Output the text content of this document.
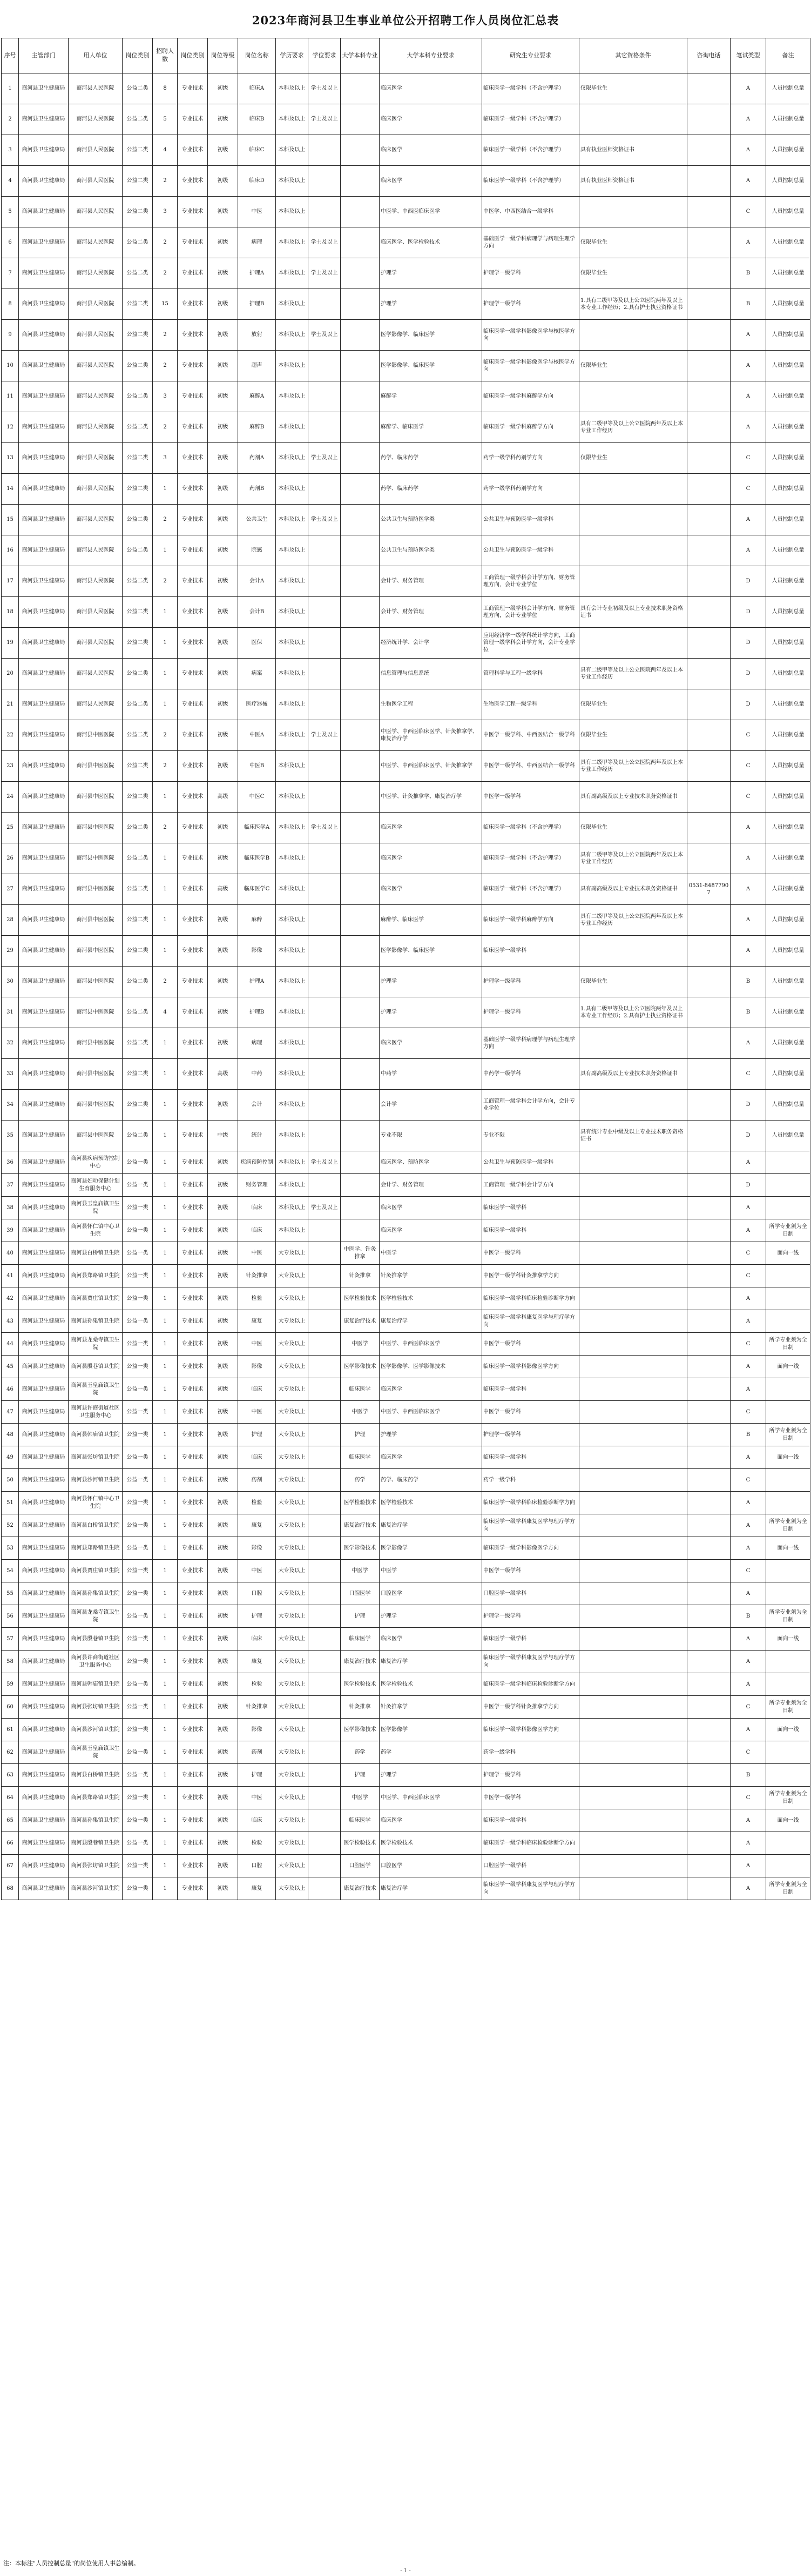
2023年商河县卫生事业单位公开招聘工作人员岗位汇总表
序号	主管部门	用人单位	岗位类别	招聘人数	岗位类别	岗位等级	岗位名称	学历要求	学位要求	大学本科专业	大学本科专业要求	研究生专业要求	其它资格条件	咨询电话	笔试类型	备注
1	商河县卫生健康局	商河县人民医院	公益二类	8	专业技术	初级	临床A	本科及以上	学士及以上		临床医学	临床医学一级学科（不含护理学）	仅限毕业生		A	人员控制总量
2	商河县卫生健康局	商河县人民医院	公益二类	5	专业技术	初级	临床B	本科及以上	学士及以上		临床医学	临床医学一级学科（不含护理学）			A	人员控制总量
3	商河县卫生健康局	商河县人民医院	公益二类	4	专业技术	初级	临床C	本科及以上			临床医学	临床医学一级学科（不含护理学）	具有执业医师资格证书		A	人员控制总量
4	商河县卫生健康局	商河县人民医院	公益二类	2	专业技术	初级	临床D	本科及以上			临床医学	临床医学一级学科（不含护理学）	具有执业医师资格证书		A	人员控制总量
5	商河县卫生健康局	商河县人民医院	公益二类	3	专业技术	初级	中医	本科及以上			中医学、中西医临床医学	中医学、中西医结合一级学科			C	人员控制总量
6	商河县卫生健康局	商河县人民医院	公益二类	2	专业技术	初级	病理	本科及以上	学士及以上		临床医学、医学检验技术	基础医学一级学科病理学与病理生理学方向	仅限毕业生		A	人员控制总量
7	商河县卫生健康局	商河县人民医院	公益二类	2	专业技术	初级	护理A	本科及以上	学士及以上		护理学	护理学一级学科	仅限毕业生		B	人员控制总量
8	商河县卫生健康局	商河县人民医院	公益二类	15	专业技术	初级	护理B	本科及以上			护理学	护理学一级学科	1.具有二级甲等及以上公立医院两年及以上本专业工作经历；2.具有护士执业资格证书		B	人员控制总量
9	商河县卫生健康局	商河县人民医院	公益二类	2	专业技术	初级	放射	本科及以上	学士及以上		医学影像学、临床医学	临床医学一级学科影像医学与核医学方向			A	人员控制总量
10	商河县卫生健康局	商河县人民医院	公益二类	2	专业技术	初级	超声	本科及以上			医学影像学、临床医学	临床医学一级学科影像医学与核医学方向	仅限毕业生		A	人员控制总量
11	商河县卫生健康局	商河县人民医院	公益二类	3	专业技术	初级	麻醉A	本科及以上			麻醉学	临床医学一级学科麻醉学方向			A	人员控制总量
12	商河县卫生健康局	商河县人民医院	公益二类	2	专业技术	初级	麻醉B	本科及以上			麻醉学、临床医学	临床医学一级学科麻醉学方向	具有二级甲等及以上公立医院两年及以上本专业工作经历		A	人员控制总量
13	商河县卫生健康局	商河县人民医院	公益二类	3	专业技术	初级	药剂A	本科及以上	学士及以上		药学、临床药学	药学一级学科药剂学方向	仅限毕业生		C	人员控制总量
14	商河县卫生健康局	商河县人民医院	公益二类	1	专业技术	初级	药剂B	本科及以上			药学、临床药学	药学一级学科药剂学方向			C	人员控制总量
15	商河县卫生健康局	商河县人民医院	公益二类	2	专业技术	初级	公共卫生	本科及以上	学士及以上		公共卫生与预防医学类	公共卫生与预防医学一级学科			A	人员控制总量
16	商河县卫生健康局	商河县人民医院	公益二类	1	专业技术	初级	院感	本科及以上			公共卫生与预防医学类	公共卫生与预防医学一级学科			A	人员控制总量
17	商河县卫生健康局	商河县人民医院	公益二类	2	专业技术	初级	会计A	本科及以上			会计学、财务管理	工商管理一级学科会计学方向、财务管理方向，会计专业学位			D	人员控制总量
18	商河县卫生健康局	商河县人民医院	公益二类	1	专业技术	初级	会计B	本科及以上			会计学、财务管理	工商管理一级学科会计学方向、财务管理方向，会计专业学位	具有会计专业初级及以上专业技术职务资格证书		D	人员控制总量
19	商河县卫生健康局	商河县人民医院	公益二类	1	专业技术	初级	医保	本科及以上			经济统计学、会计学	应用经济学一级学科统计学方向，工商管理一级学科会计学方向，会计专业学位			D	人员控制总量
20	商河县卫生健康局	商河县人民医院	公益二类	1	专业技术	初级	病案	本科及以上			信息管理与信息系统	管理科学与工程一级学科	具有二级甲等及以上公立医院两年及以上本专业工作经历		D	人员控制总量
21	商河县卫生健康局	商河县人民医院	公益二类	1	专业技术	初级	医疗器械	本科及以上			生物医学工程	生物医学工程一级学科	仅限毕业生		D	人员控制总量
22	商河县卫生健康局	商河县中医医院	公益二类	2	专业技术	初级	中医A	本科及以上	学士及以上		中医学、中西医临床医学、针灸推拿学、康复治疗学	中医学一级学科、中西医结合一级学科	仅限毕业生		C	人员控制总量
23	商河县卫生健康局	商河县中医医院	公益二类	2	专业技术	初级	中医B	本科及以上			中医学、中西医临床医学、针灸推拿学	中医学一级学科、中西医结合一级学科	具有二级甲等及以上公立医院两年及以上本专业工作经历		C	人员控制总量
24	商河县卫生健康局	商河县中医医院	公益二类	1	专业技术	高级	中医C	本科及以上			中医学、针灸推拿学、康复治疗学	中医学一级学科	具有副高级及以上专业技术职务资格证书		C	人员控制总量
25	商河县卫生健康局	商河县中医医院	公益二类	2	专业技术	初级	临床医学A	本科及以上	学士及以上		临床医学	临床医学一级学科（不含护理学）	仅限毕业生		A	人员控制总量
26	商河县卫生健康局	商河县中医医院	公益二类	1	专业技术	初级	临床医学B	本科及以上			临床医学	临床医学一级学科（不含护理学）	具有二级甲等及以上公立医院两年及以上本专业工作经历		A	人员控制总量
27	商河县卫生健康局	商河县中医医院	公益二类	1	专业技术	高级	临床医学C	本科及以上			临床医学	临床医学一级学科（不含护理学）	具有副高级及以上专业技术职务资格证书	0531-84877907	A	人员控制总量
28	商河县卫生健康局	商河县中医医院	公益二类	1	专业技术	初级	麻醉	本科及以上			麻醉学、临床医学	临床医学一级学科麻醉学方向	具有二级甲等及以上公立医院两年及以上本专业工作经历		A	人员控制总量
29	商河县卫生健康局	商河县中医医院	公益二类	1	专业技术	初级	影像	本科及以上			医学影像学、临床医学	临床医学一级学科			A	人员控制总量
30	商河县卫生健康局	商河县中医医院	公益二类	2	专业技术	初级	护理A	本科及以上			护理学	护理学一级学科	仅限毕业生		B	人员控制总量
31	商河县卫生健康局	商河县中医医院	公益二类	4	专业技术	初级	护理B	本科及以上			护理学	护理学一级学科	1.具有二级甲等及以上公立医院两年及以上本专业工作经历；2.具有护士执业资格证书		B	人员控制总量
32	商河县卫生健康局	商河县中医医院	公益二类	1	专业技术	初级	病理	本科及以上			临床医学	基础医学一级学科病理学与病理生理学方向			A	人员控制总量
33	商河县卫生健康局	商河县中医医院	公益二类	1	专业技术	高级	中药	本科及以上			中药学	中药学一级学科	具有副高级及以上专业技术职务资格证书		C	人员控制总量
34	商河县卫生健康局	商河县中医医院	公益二类	1	专业技术	初级	会计	本科及以上			会计学	工商管理一级学科会计学方向，会计专业学位			D	人员控制总量
35	商河县卫生健康局	商河县中医医院	公益二类	1	专业技术	中级	统计	本科及以上			专业不限	专业不限	具有统计专业中级及以上专业技术职务资格证书		D	人员控制总量
36	商河县卫生健康局	商河县疾病预防控制中心	公益一类	1	专业技术	初级	疾病预防控制	本科及以上	学士及以上		临床医学、预防医学	公共卫生与预防医学一级学科			A	
37	商河县卫生健康局	商河县妇幼保健计划生育服务中心	公益一类	1	专业技术	初级	财务管理	本科及以上			会计学、财务管理	工商管理一级学科会计学方向			D	
38	商河县卫生健康局	商河县玉皇庙镇卫生院	公益一类	1	专业技术	初级	临床	本科及以上	学士及以上		临床医学	临床医学一级学科			A	
39	商河县卫生健康局	商河县怀仁镇中心卫生院	公益一类	1	专业技术	初级	临床	本科及以上			临床医学	临床医学一级学科			A	所学专业须为全日制
40	商河县卫生健康局	商河县白桥镇卫生院	公益一类	1	专业技术	初级	中医	大专及以上		中医学、针灸推拿	中医学	中医学一级学科			C	面向一线
41	商河县卫生健康局	商河县郑路镇卫生院	公益一类	1	专业技术	初级	针灸推拿	大专及以上		针灸推拿	针灸推拿学	中医学一级学科针灸推拿学方向			C	
42	商河县卫生健康局	商河县贾庄镇卫生院	公益一类	1	专业技术	初级	检验	大专及以上		医学检验技术	医学检验技术	临床医学一级学科临床检验诊断学方向			A	
43	商河县卫生健康局	商河县孙集镇卫生院	公益一类	1	专业技术	初级	康复	大专及以上		康复治疗技术	康复治疗学	临床医学一级学科康复医学与理疗学方向			A	
44	商河县卫生健康局	商河县龙桑寺镇卫生院	公益一类	1	专业技术	初级	中医	大专及以上		中医学	中医学、中西医临床医学	中医学一级学科			C	所学专业须为全日制
45	商河县卫生健康局	商河县殷巷镇卫生院	公益一类	1	专业技术	初级	影像	大专及以上		医学影像技术	医学影像学、医学影像技术	临床医学一级学科影像医学方向			A	面向一线
46	商河县卫生健康局	商河县玉皇庙镇卫生院	公益一类	1	专业技术	初级	临床	大专及以上		临床医学	临床医学	临床医学一级学科			A	
47	商河县卫生健康局	商河县许商街道社区卫生服务中心	公益一类	1	专业技术	初级	中医	大专及以上		中医学	中医学、中西医临床医学	中医学一级学科			C	
48	商河县卫生健康局	商河县韩庙镇卫生院	公益一类	1	专业技术	初级	护理	大专及以上		护理	护理学	护理学一级学科			B	所学专业须为全日制
49	商河县卫生健康局	商河县张坊镇卫生院	公益一类	1	专业技术	初级	临床	大专及以上		临床医学	临床医学	临床医学一级学科			A	面向一线
50	商河县卫生健康局	商河县沙河镇卫生院	公益一类	1	专业技术	初级	药剂	大专及以上		药学	药学、临床药学	药学一级学科			C	
51	商河县卫生健康局	商河县怀仁镇中心卫生院	公益一类	1	专业技术	初级	检验	大专及以上		医学检验技术	医学检验技术	临床医学一级学科临床检验诊断学方向			A	
52	商河县卫生健康局	商河县白桥镇卫生院	公益一类	1	专业技术	初级	康复	大专及以上		康复治疗技术	康复治疗学	临床医学一级学科康复医学与理疗学方向			A	所学专业须为全日制
53	商河县卫生健康局	商河县郑路镇卫生院	公益一类	1	专业技术	初级	影像	大专及以上		医学影像技术	医学影像学	临床医学一级学科影像医学方向			A	面向一线
54	商河县卫生健康局	商河县贾庄镇卫生院	公益一类	1	专业技术	初级	中医	大专及以上		中医学	中医学	中医学一级学科			C	
55	商河县卫生健康局	商河县孙集镇卫生院	公益一类	1	专业技术	初级	口腔	大专及以上		口腔医学	口腔医学	口腔医学一级学科			A	
56	商河县卫生健康局	商河县龙桑寺镇卫生院	公益一类	1	专业技术	初级	护理	大专及以上		护理	护理学	护理学一级学科			B	所学专业须为全日制
57	商河县卫生健康局	商河县殷巷镇卫生院	公益一类	1	专业技术	初级	临床	大专及以上		临床医学	临床医学	临床医学一级学科			A	面向一线
58	商河县卫生健康局	商河县许商街道社区卫生服务中心	公益一类	1	专业技术	初级	康复	大专及以上		康复治疗技术	康复治疗学	临床医学一级学科康复医学与理疗学方向			A	
59	商河县卫生健康局	商河县韩庙镇卫生院	公益一类	1	专业技术	初级	检验	大专及以上		医学检验技术	医学检验技术	临床医学一级学科临床检验诊断学方向			A	
60	商河县卫生健康局	商河县张坊镇卫生院	公益一类	1	专业技术	初级	针灸推拿	大专及以上		针灸推拿	针灸推拿学	中医学一级学科针灸推拿学方向			C	所学专业须为全日制
61	商河县卫生健康局	商河县沙河镇卫生院	公益一类	1	专业技术	初级	影像	大专及以上		医学影像技术	医学影像学	临床医学一级学科影像医学方向			A	面向一线
62	商河县卫生健康局	商河县玉皇庙镇卫生院	公益一类	1	专业技术	初级	药剂	大专及以上		药学	药学	药学一级学科			C	
63	商河县卫生健康局	商河县白桥镇卫生院	公益一类	1	专业技术	初级	护理	大专及以上		护理	护理学	护理学一级学科			B	
64	商河县卫生健康局	商河县郑路镇卫生院	公益一类	1	专业技术	初级	中医	大专及以上		中医学	中医学、中西医临床医学	中医学一级学科			C	所学专业须为全日制
65	商河县卫生健康局	商河县孙集镇卫生院	公益一类	1	专业技术	初级	临床	大专及以上		临床医学	临床医学	临床医学一级学科			A	面向一线
66	商河县卫生健康局	商河县殷巷镇卫生院	公益一类	1	专业技术	初级	检验	大专及以上		医学检验技术	医学检验技术	临床医学一级学科临床检验诊断学方向			A	
67	商河县卫生健康局	商河县张坊镇卫生院	公益一类	1	专业技术	初级	口腔	大专及以上		口腔医学	口腔医学	口腔医学一级学科			A	
68	商河县卫生健康局	商河县沙河镇卫生院	公益一类	1	专业技术	初级	康复	大专及以上		康复治疗技术	康复治疗学	临床医学一级学科康复医学与理疗学方向			A	所学专业须为全日制
注：本标注"人员控制总量"的岗位使用人事总编制。
- 1 -
